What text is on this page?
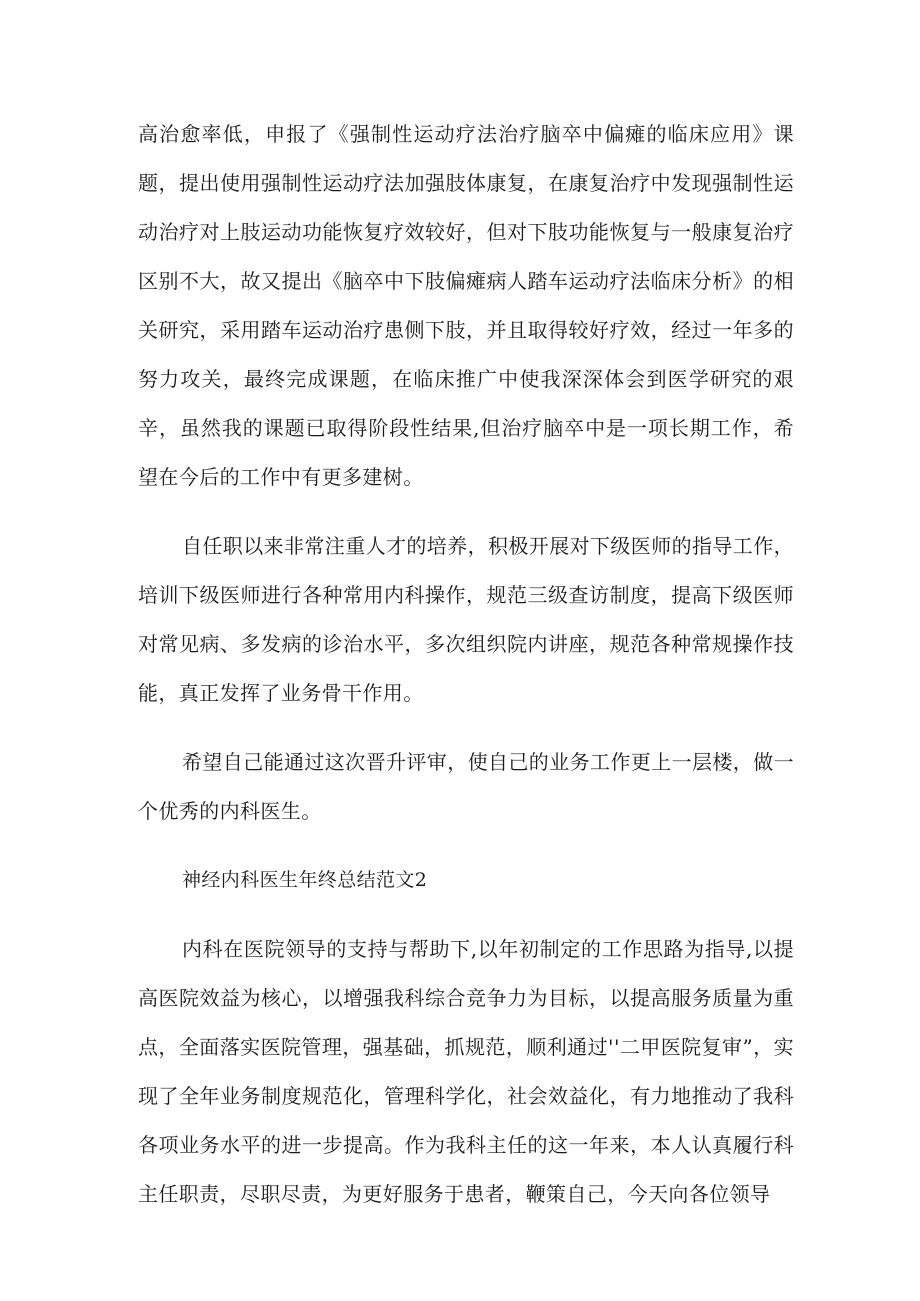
高治愈率低，申报了《强制性运动疗法治疗脑卒中偏瘫的临床应用》课题，提出使用强制性运动疗法加强肢体康复，在康复治疗中发现强制性运动治疗对上肢运动功能恢复疗效较好，但对下肢功能恢复与一般康复治疗区别不大，故又提出《脑卒中下肢偏瘫病人踏车运动疗法临床分析》的相关研究，采用踏车运动治疗患侧下肢，并且取得较好疗效，经过一年多的努力攻关，最终完成课题，在临床推广中使我深深体会到医学研究的艰辛，虽然我的课题已取得阶段性结果,但治疗脑卒中是一项长期工作，希望在今后的工作中有更多建树。

自任职以来非常注重人才的培养，积极开展对下级医师的指导工作，培训下级医师进行各种常用内科操作，规范三级查访制度，提高下级医师对常见病、多发病的诊治水平，多次组织院内讲座，规范各种常规操作技能，真正发挥了业务骨干作用。

希望自己能通过这次晋升评审，使自己的业务工作更上一层楼，做一个优秀的内科医生。

神经内科医生年终总结范文2

内科在医院领导的支持与帮助下,以年初制定的工作思路为指导,以提高医院效益为核心，以增强我科综合竞争力为目标，以提高服务质量为重点，全面落实医院管理，强基础，抓规范，顺利通过''二甲医院复审”，实现了全年业务制度规范化，管理科学化，社会效益化，有力地推动了我科各项业务水平的进一步提高。作为我科主任的这一年来，本人认真履行科主任职责，尽职尽责，为更好服务于患者，鞭策自己，今天向各位领导
